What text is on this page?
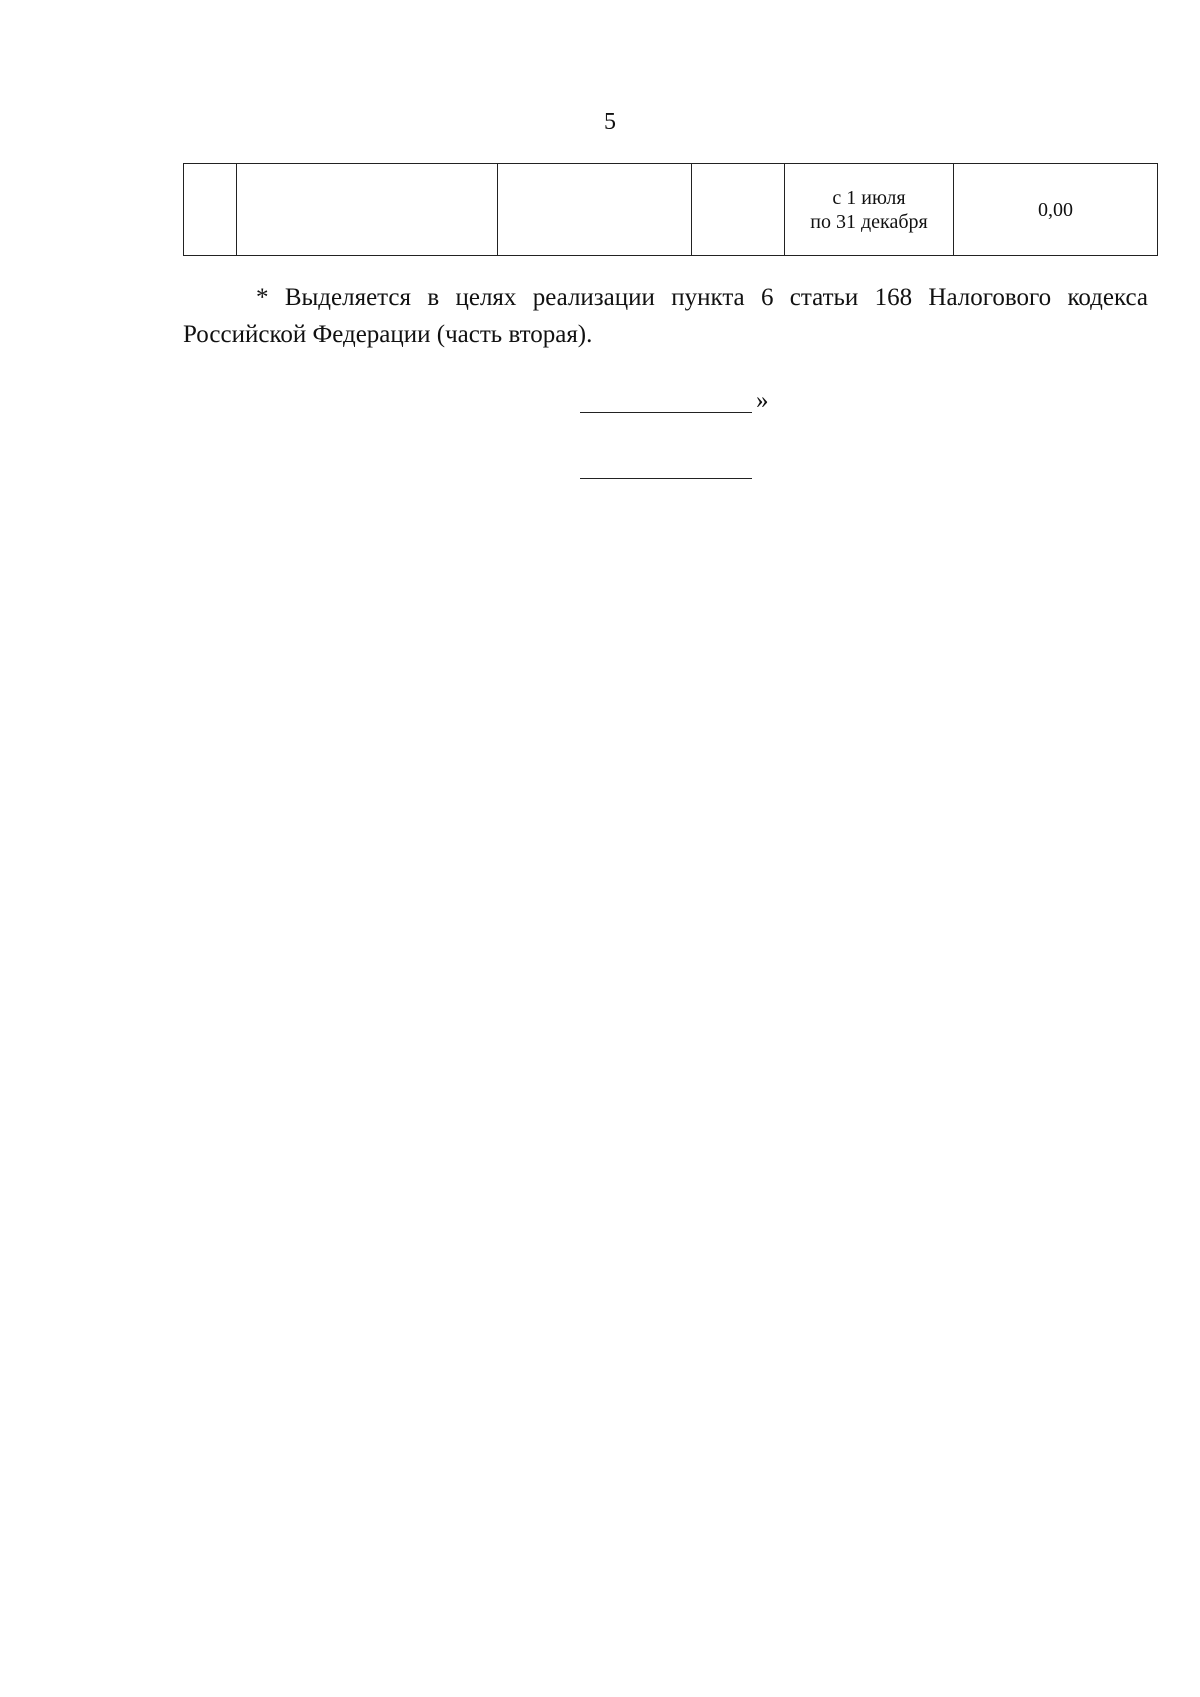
5

с 1 июля
по 31 декабря
	0,00

* Выделяется в целях реализации пункта 6 статьи 168 Налогового кодекса Российской Федерации (часть вторая).

»
